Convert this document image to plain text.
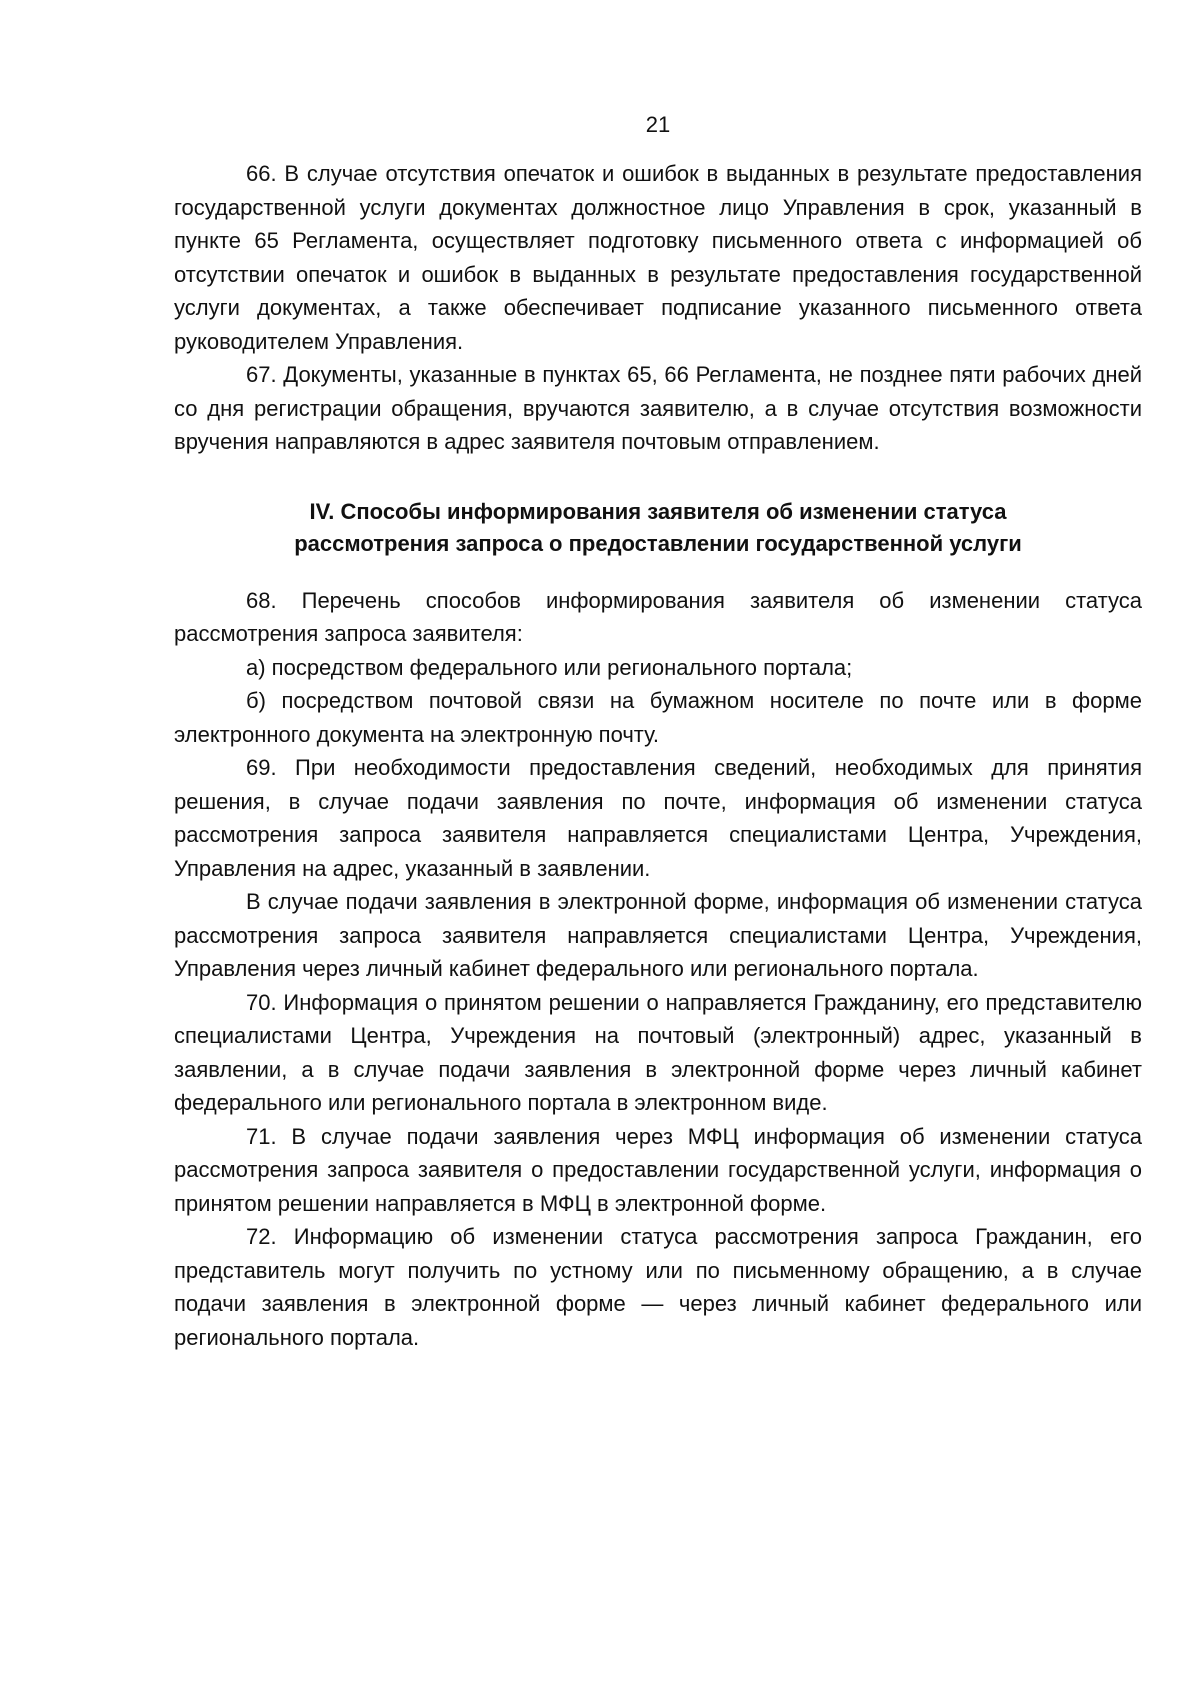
21

66. В случае отсутствия опечаток и ошибок в выданных в результате предоставления государственной услуги документах должностное лицо Управления в срок, указанный в пункте 65 Регламента, осуществляет подготовку письменного ответа с информацией об отсутствии опечаток и ошибок в выданных в результате предоставления государственной услуги документах, а также обеспечивает подписание указанного письменного ответа руководителем Управления.

67. Документы, указанные в пунктах 65, 66 Регламента, не позднее пяти рабочих дней со дня регистрации обращения, вручаются заявителю, а в случае отсутствия возможности вручения направляются в адрес заявителя почтовым отправлением.

IV. Способы информирования заявителя об изменении статуса
рассмотрения запроса о предоставлении государственной услуги

68. Перечень способов информирования заявителя об изменении статуса рассмотрения запроса заявителя:

а) посредством федерального или регионального портала;

б) посредством почтовой связи на бумажном носителе по почте или в форме электронного документа на электронную почту.

69. При необходимости предоставления сведений, необходимых для принятия решения, в случае подачи заявления по почте, информация об изменении статуса рассмотрения запроса заявителя направляется специалистами Центра, Учреждения, Управления на адрес, указанный в заявлении.

В случае подачи заявления в электронной форме, информация об изменении статуса рассмотрения запроса заявителя направляется специалистами Центра, Учреждения, Управления через личный кабинет федерального или регионального портала.

70. Информация о принятом решении о направляется Гражданину, его представителю специалистами Центра, Учреждения на почтовый (электронный) адрес, указанный в заявлении, а в случае подачи заявления в электронной форме через личный кабинет федерального или регионального портала в электронном виде.

71. В случае подачи заявления через МФЦ информация об изменении статуса рассмотрения запроса заявителя о предоставлении государственной услуги, информация о принятом решении направляется в МФЦ в электронной форме.

72. Информацию об изменении статуса рассмотрения запроса Гражданин, его представитель могут получить по устному или по письменному обращению, а в случае подачи заявления в электронной форме — через личный кабинет федерального или регионального портала.
